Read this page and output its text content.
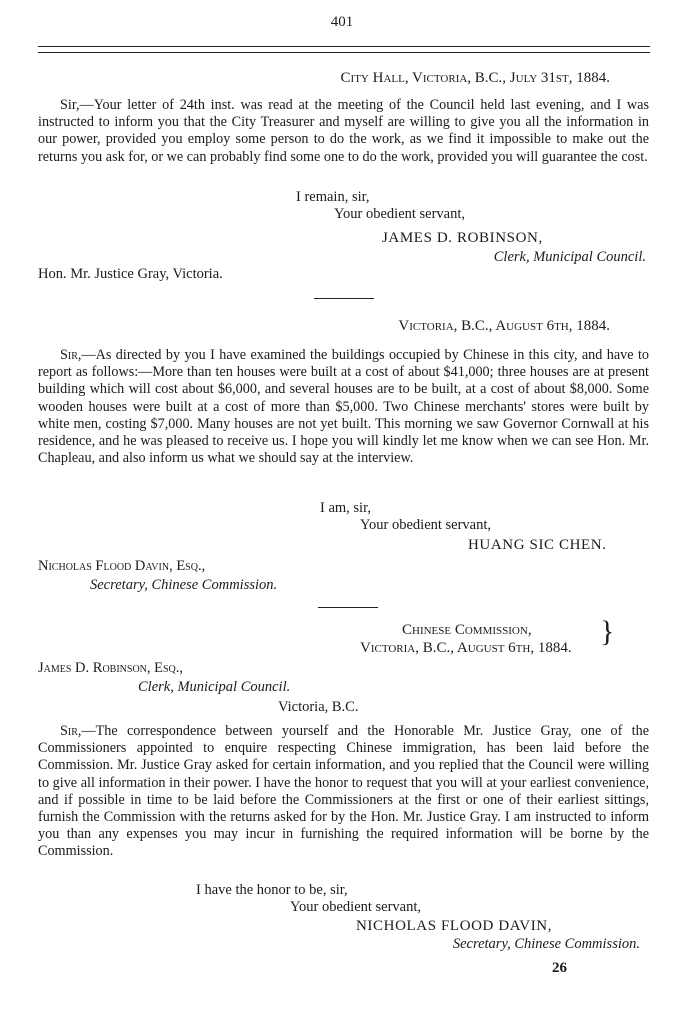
401
City Hall, Victoria, B.C., July 31st, 1884.
Sir,—Your letter of 24th inst. was read at the meeting of the Council held last evening, and I was instructed to inform you that the City Treasurer and myself are willing to give you all the information in our power, provided you employ some person to do the work, as we find it impossible to make out the returns you ask for, or we can probably find some one to do the work, provided you will guarantee the cost.
I remain, sir,
Your obedient servant,
JAMES D. ROBINSON,
Clerk, Municipal Council.
Hon. Mr. Justice Gray, Victoria.
Victoria, B.C., August 6th, 1884.
Sir,—As directed by you I have examined the buildings occupied by Chinese in this city, and have to report as follows:—More than ten houses were built at a cost of about $41,000; three houses are at present building which will cost about $6,000, and several houses are to be built, at a cost of about $8,000. Some wooden houses were built at a cost of more than $5,000. Two Chinese merchants' stores were built by white men, costing $7,000. Many houses are not yet built. This morning we saw Governor Cornwall at his residence, and he was pleased to receive us. I hope you will kindly let me know when we can see Hon. Mr. Chapleau, and also inform us what we should say at the interview.
I am, sir,
Your obedient servant,
HUANG SIC CHEN.
Nicholas Flood Davin, Esq.,
Secretary, Chinese Commission.
Chinese Commission,
Victoria, B.C., August 6th, 1884. }
James D. Robinson, Esq.,
Clerk, Municipal Council.
Victoria, B.C.
Sir,—The correspondence between yourself and the Honorable Mr. Justice Gray, one of the Commissioners appointed to enquire respecting Chinese immigration, has been laid before the Commission. Mr. Justice Gray asked for certain information, and you replied that the Council were willing to give all information in their power. I have the honor to request that you will at your earliest convenience, and if possible in time to be laid before the Commissioners at the first or one of their earliest sittings, furnish the Commission with the returns asked for by the Hon. Mr. Justice Gray. I am instructed to inform you than any expenses you may incur in furnishing the required information will be borne by the Commission.
I have the honor to be, sir,
Your obedient servant,
NICHOLAS FLOOD DAVIN,
Secretary, Chinese Commission.
26
